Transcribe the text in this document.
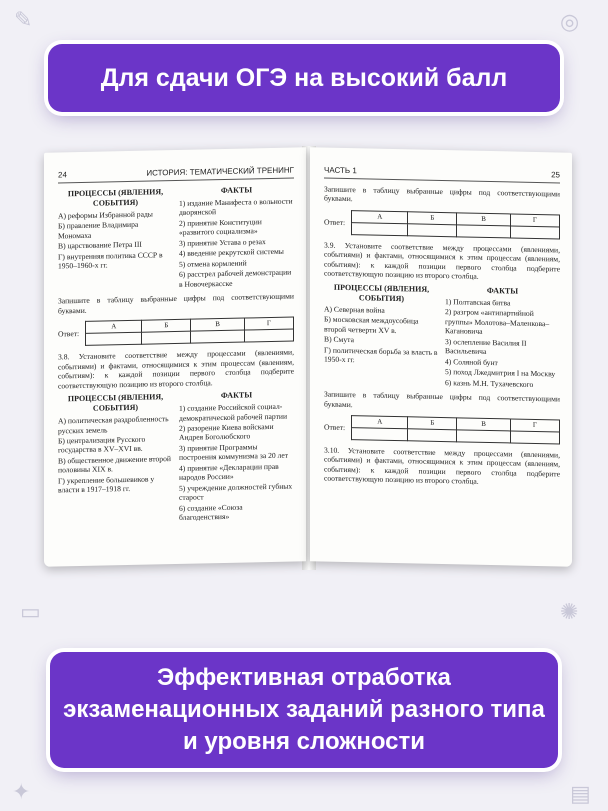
✎	◎
▭	✺
✦	▤
Для сдачи ОГЭ на высокий балл
24	ИСТОРИЯ: ТЕМАТИЧЕСКИЙ ТРЕНИНГ
ПРОЦЕССЫ (ЯВЛЕНИЯ, СОБЫТИЯ)
А) реформы Избранной рады
Б) правление Владимира Мономаха
В) царствование Петра III
Г) внутренняя политика СССР в 1950–1960-х гг.
ФАКТЫ
1) издание Манифеста о вольности дворянской
2) принятие Конституции «развитого социализма»
3) принятие Устава о резах
4) введение рекрутской системы
5) отмена кормлений
6) расстрел рабочей демонстрации в Новочеркасске
Запишите в таблицу выбранные цифры под соответствующими буквами.
Ответ:
А	Б	В	Г

3.8. Установите соответствие между процессами (явлениями, событиями) и фактами, относящимися к этим процессам (явлениям, событиям): к каждой позиции первого столбца подберите соответствующую позицию из второго столбца.
ПРОЦЕССЫ (ЯВЛЕНИЯ, СОБЫТИЯ)
А) политическая раздробленность русских земель
Б) централизация Русского государства в XV–XVI вв.
В) общественное движение второй половины XIX в.
Г) укрепление большевиков у власти в 1917–1918 гг.
ФАКТЫ
1) создание Российской социал-демократической рабочей партии
2) разорение Киева войсками Андрея Боголюбского
3) принятие Программы построения коммунизма за 20 лет
4) принятие «Декларации прав народов России»
5) учреждение должностей губных старост
6) создание «Союза благоденствия»
ЧАСТЬ 1	25
Запишите в таблицу выбранные цифры под соответствующими буквами.
Ответ:
А	Б	В	Г

3.9. Установите соответствие между процессами (явлениями, событиями) и фактами, относящимися к этим процессам (явлениям, событиям): к каждой позиции первого столбца подберите соответствующую позицию из второго столбца.
ПРОЦЕССЫ (ЯВЛЕНИЯ, СОБЫТИЯ)
А) Северная война
Б) московская междоусобица второй четверти XV в.
В) Смута
Г) политическая борьба за власть в 1950-х гг.
ФАКТЫ
1) Полтавская битва
2) разгром «антипартийной группы» Молотова–Маленкова–Кагановича
3) ослепление Василия II Васильевича
4) Соляной бунт
5) поход Лжедмитрия I на Москву
6) казнь М.Н. Тухачевского
Запишите в таблицу выбранные цифры под соответствующими буквами.
Ответ:
А	Б	В	Г

3.10. Установите соответствие между процессами (явлениями, событиями) и фактами, относящимися к этим процессам (явлениям, событиям): к каждой позиции первого столбца подберите соответствующую позицию из второго столбца.
Эффективная отработка
экзаменационных заданий разного типа
и уровня сложности
